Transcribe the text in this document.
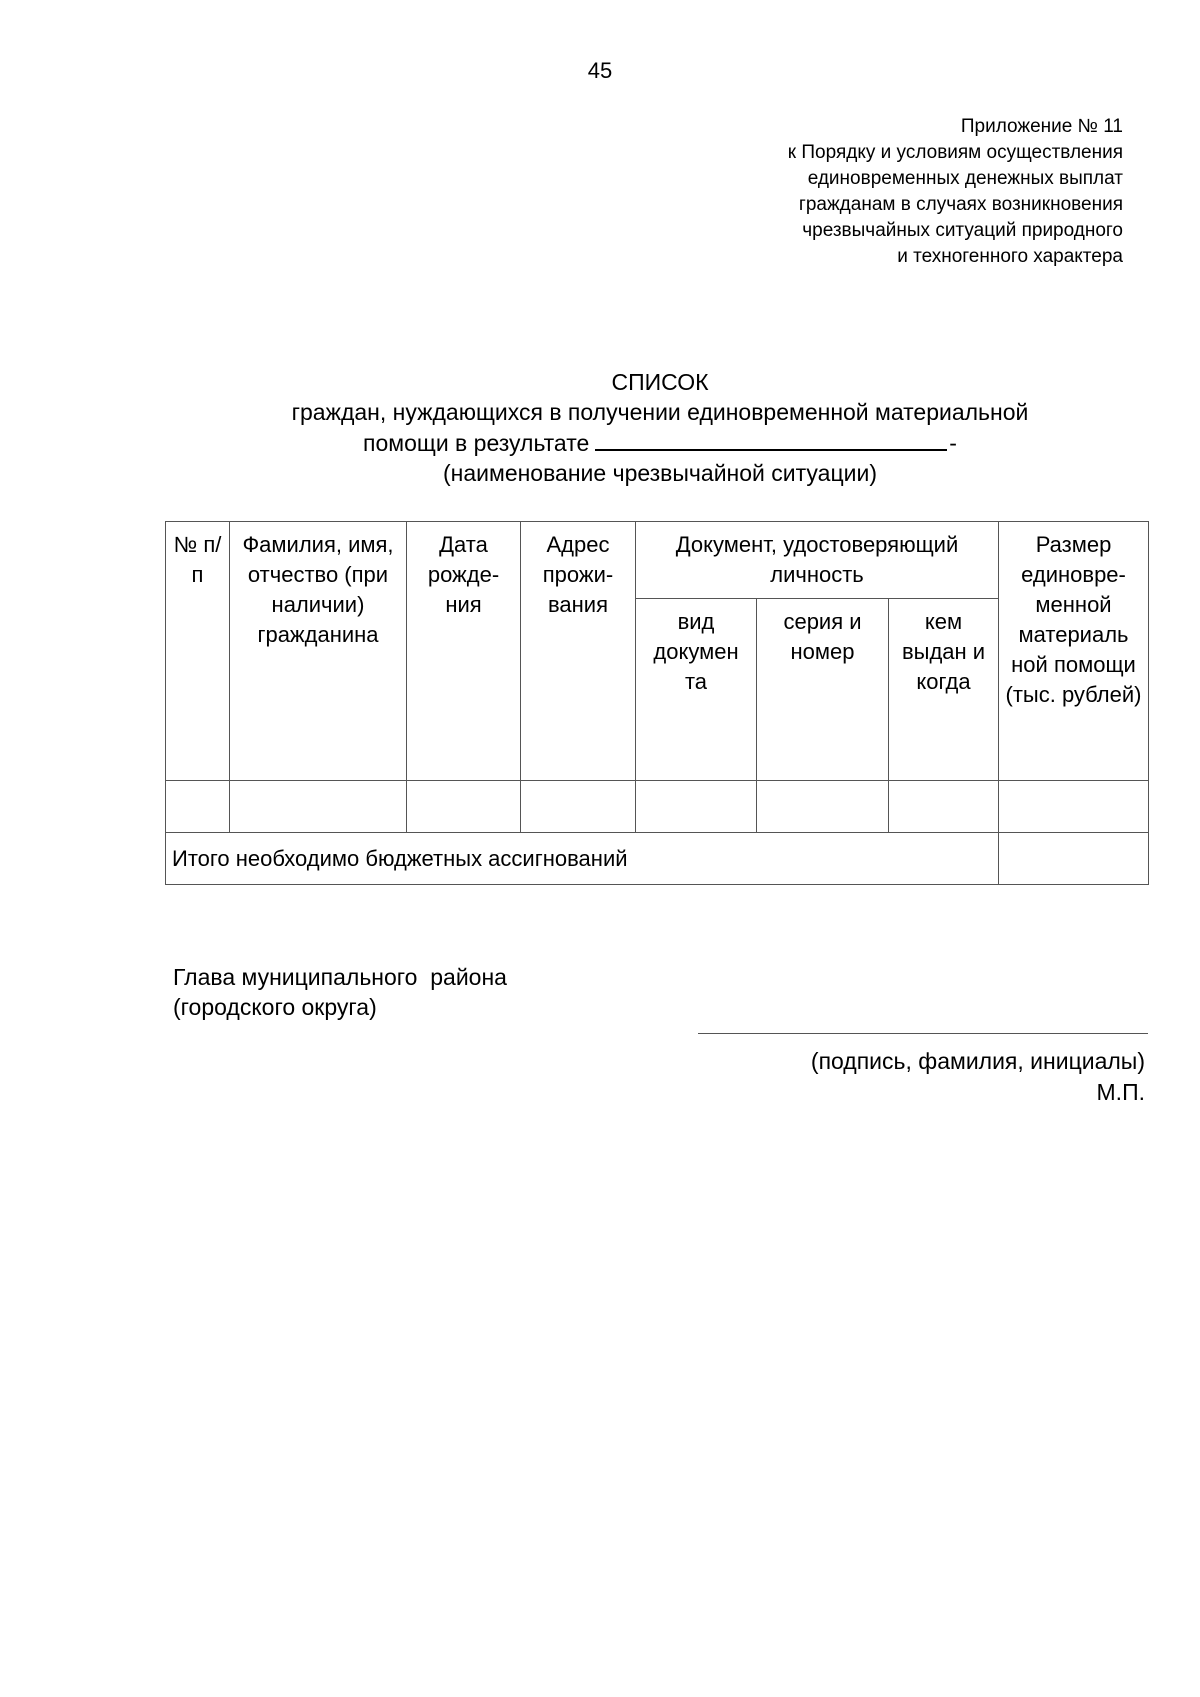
45
Приложение № 11
к Порядку и условиям осуществления
единовременных денежных выплат
гражданам в случаях возникновения
чрезвычайных ситуаций природного
и техногенного характера
СПИСОК
граждан, нуждающихся в получении единовременной материальной
помощи в результате	-
(наименование чрезвычайной ситуации)
№ п/п	Фамилия, имя, отчество (при наличии) гражданина	Дата рожде-ния	Адрес прожи-вания	Документ, удостоверяющий личность			Размер единовре-менной материаль ной помощи (тыс. рублей)
				вид докумен та	серия и номер	кем выдан и когда	

Итого необходимо бюджетных ассигнований							
Глава муниципального  района
(городского округа)
(подпись, фамилия, инициалы)
М.П.
